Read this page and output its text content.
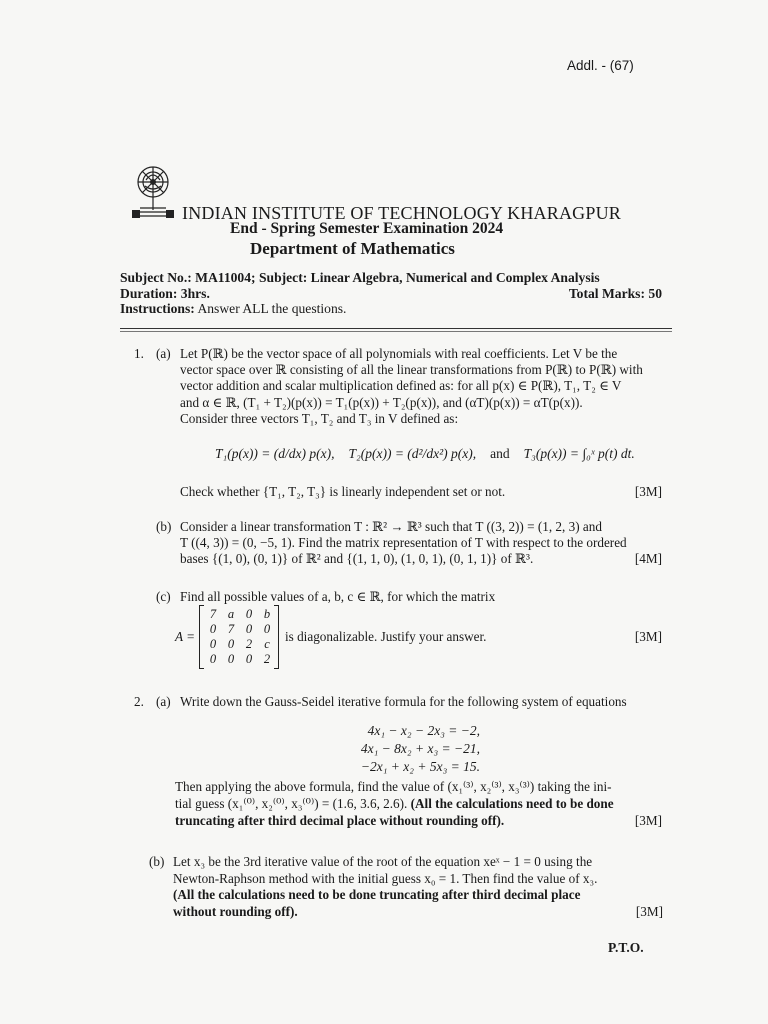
Addl. - (67)
INDIAN INSTITUTE OF TECHNOLOGY KHARAGPUR
End - Spring Semester Examination 2024
Department of Mathematics
Subject No.: MA11004; Subject: Linear Algebra, Numerical and Complex Analysis
Duration: 3hrs.	Total Marks: 50
Instructions: Answer ALL the questions.
1. (a) Let P(ℝ) be the vector space of all polynomials with real coefficients. Let V be the
vector space over ℝ consisting of all the linear transformations from P(ℝ) to P(ℝ) with
vector addition and scalar multiplication defined as: for all p(x) ∈ P(ℝ), T₁, T₂ ∈ V
and α ∈ ℝ, (T₁ + T₂)(p(x)) = T₁(p(x)) + T₂(p(x)), and (αT)(p(x)) = αT(p(x)).
Consider three vectors T₁, T₂ and T₃ in V defined as:
T₁(p(x)) = (d/dx) p(x), T₂(p(x)) = (d²/dx²) p(x), and T₃(p(x)) = ∫₀ˣ p(t) dt.
Check whether {T₁, T₂, T₃} is linearly independent set or not.	[3M]
(b) Consider a linear transformation T : ℝ² → ℝ³ such that T ((3, 2)) = (1, 2, 3) and
T ((4, 3)) = (0, −5, 1). Find the matrix representation of T with respect to the ordered
bases {(1, 0), (0, 1)} of ℝ² and {(1, 1, 0), (1, 0, 1), (0, 1, 1)} of ℝ³.	[4M]
(c) Find all possible values of a, b, c ∈ ℝ, for which the matrix
A =
7 a 0 b
0 7 0 0
0 0 2 c
0 0 0 2
is diagonalizable. Justify your answer.	[3M]
2. (a) Write down the Gauss-Seidel iterative formula for the following system of equations
4x₁ − x₂ − 2x₃ = −2,
4x₁ − 8x₂ + x₃ = −21,
−2x₁ + x₂ + 5x₃ = 15.
Then applying the above formula, find the value of (x₁⁽³⁾, x₂⁽³⁾, x₃⁽³⁾) taking the ini-
tial guess (x₁⁽⁰⁾, x₂⁽⁰⁾, x₃⁽⁰⁾) = (1.6, 3.6, 2.6). (All the calculations need to be done
truncating after third decimal place without rounding off).	[3M]
(b) Let x₃ be the 3rd iterative value of the root of the equation xeˣ − 1 = 0 using the
Newton-Raphson method with the initial guess x₀ = 1. Then find the value of x₃.
(All the calculations need to be done truncating after third decimal place
without rounding off).	[3M]
P.T.O.
